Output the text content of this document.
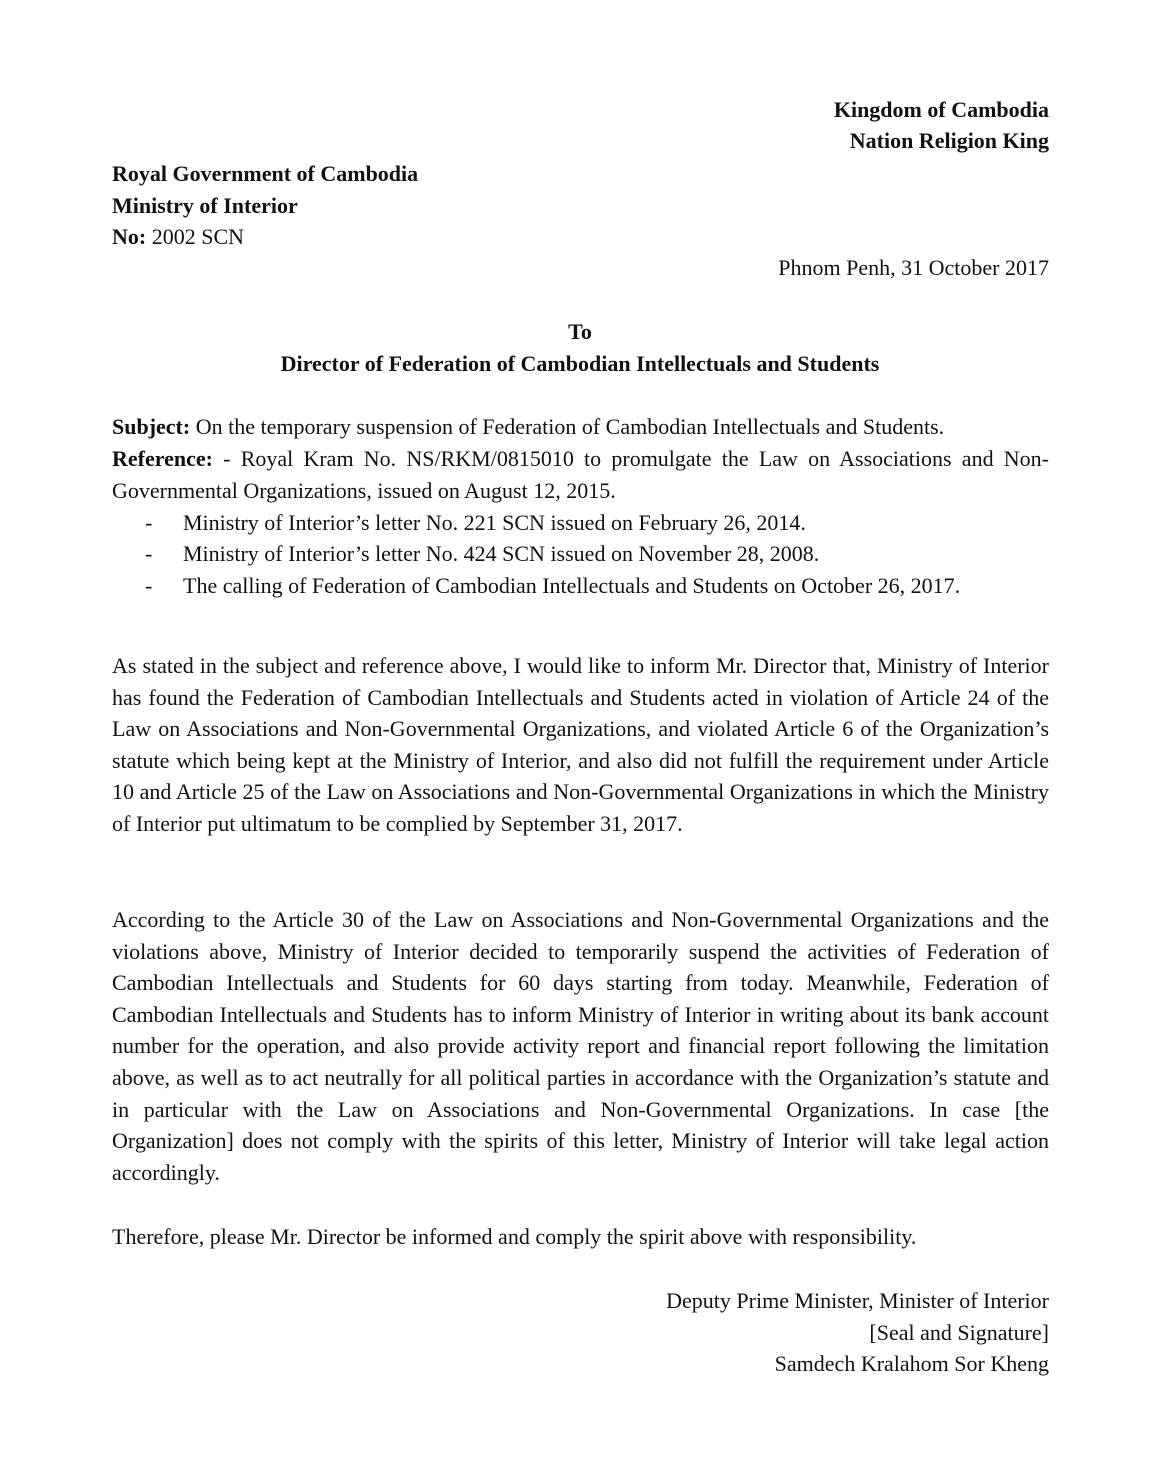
Kingdom of Cambodia

Nation Religion King

Royal Government of Cambodia

Ministry of Interior

No: 2002 SCN

Phnom Penh, 31 October 2017

To

Director of Federation of Cambodian Intellectuals and Students

Subject: On the temporary suspension of Federation of Cambodian Intellectuals and Students.

Reference: - Royal Kram No. NS/RKM/0815010 to promulgate the Law on Associations and Non-Governmental Organizations, issued on August 12, 2015.

- Ministry of Interior’s letter No. 221 SCN issued on February 26, 2014.

- Ministry of Interior’s letter No. 424 SCN issued on November 28, 2008.

- The calling of Federation of Cambodian Intellectuals and Students on October 26, 2017.

As stated in the subject and reference above, I would like to inform Mr. Director that, Ministry of Interior has found the Federation of Cambodian Intellectuals and Students acted in violation of Article 24 of the Law on Associations and Non-Governmental Organizations, and violated Article 6 of the Organization’s statute which being kept at the Ministry of Interior, and also did not fulfill the requirement under Article 10 and Article 25 of the Law on Associations and Non-Governmental Organizations in which the Ministry of Interior put ultimatum to be complied by September 31, 2017.

According to the Article 30 of the Law on Associations and Non-Governmental Organizations and the violations above, Ministry of Interior decided to temporarily suspend the activities of Federation of Cambodian Intellectuals and Students for 60 days starting from today. Meanwhile, Federation of Cambodian Intellectuals and Students has to inform Ministry of Interior in writing about its bank account number for the operation, and also provide activity report and financial report following the limitation above, as well as to act neutrally for all political parties in accordance with the Organization’s statute and in particular with the Law on Associations and Non-Governmental Organizations. In case [the Organization] does not comply with the spirits of this letter, Ministry of Interior will take legal action accordingly.

Therefore, please Mr. Director be informed and comply the spirit above with responsibility.

Deputy Prime Minister, Minister of Interior

[Seal and Signature]

Samdech Kralahom Sor Kheng
